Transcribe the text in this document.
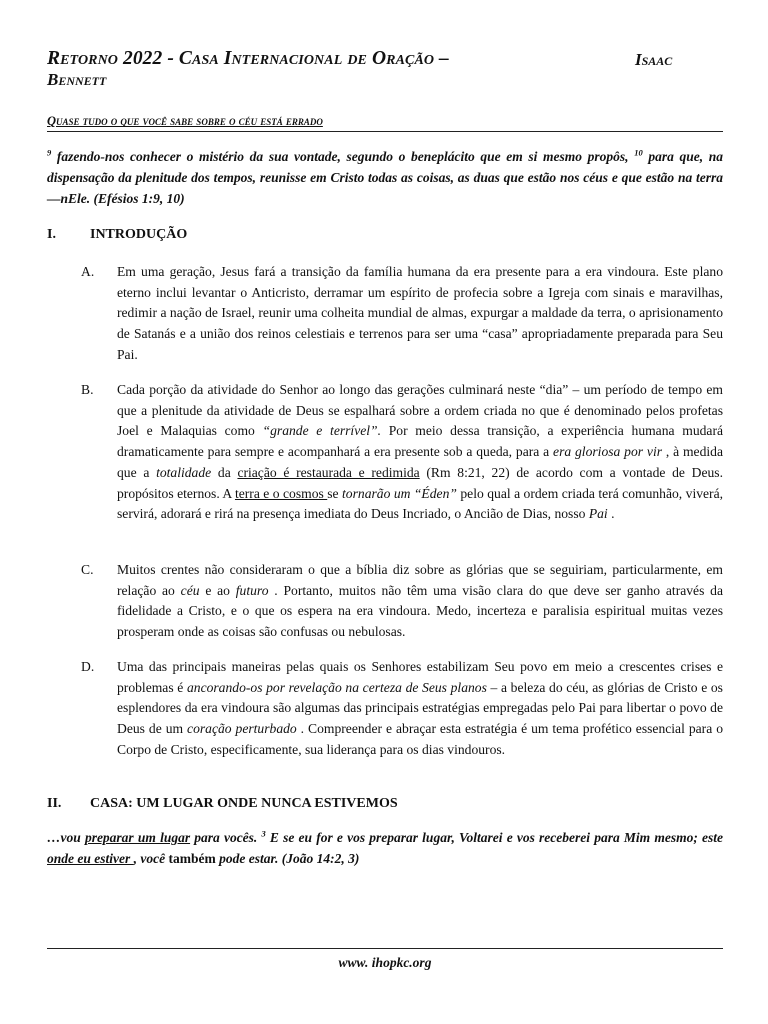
Retorno 2022 - Casa Internacional de Oração –	Isaac
Bennett
Quase tudo o que você sabe sobre o céu está errado
$^9$ fazendo-nos conhecer o mistério da sua vontade, segundo o beneplácito que em si mesmo propôs, $^{10}$ para que, na dispensação da plenitude dos tempos, reunisse em Cristo todas as coisas, as duas que estão nos céus e que estão na terra—nEle. (Efésios 1:9, 10)
I. INTRODUÇÃO
A. Em uma geração, Jesus fará a transição da família humana da era presente para a era vindoura. Este plano eterno inclui levantar o Anticristo, derramar um espírito de profecia sobre a Igreja com sinais e maravilhas, redimir a nação de Israel, reunir uma colheita mundial de almas, expurgar a maldade da terra, o aprisionamento de Satanás e a união dos reinos celestiais e terrenos para ser uma “casa” apropriadamente preparada para Seu Pai.
B. Cada porção da atividade do Senhor ao longo das gerações culminará neste “dia” – um período de tempo em que a plenitude da atividade de Deus se espalhará sobre a ordem criada no que é denominado pelos profetas Joel e Malaquias como “grande e terrível”. Por meio dessa transição, a experiência humana mudará dramaticamente para sempre e acompanhará a era presente sob a queda, para a era gloriosa por vir , à medida que a totalidade da criação é restaurada e redimida (Rm 8:21, 22) de acordo com a vontade de Deus. propósitos eternos. A terra e o cosmos se tornarão um “Éden” pelo qual a ordem criada terá comunhão, viverá, servirá, adorará e rirá na presença imediata do Deus Incriado, o Ancião de Dias, nosso Pai .
C. Muitos crentes não consideraram o que a bíblia diz sobre as glórias que se seguiriam, particularmente, em relação ao céu e ao futuro . Portanto, muitos não têm uma visão clara do que deve ser ganho através da fidelidade a Cristo, e o que os espera na era vindoura. Medo, incerteza e paralisia espiritual muitas vezes prosperam onde as coisas são confusas ou nebulosas.
D. Uma das principais maneiras pelas quais os Senhores estabilizam Seu povo em meio a crescentes crises e problemas é ancorando-os por revelação na certeza de Seus planos – a beleza do céu, as glórias de Cristo e os esplendores da era vindoura são algumas das principais estratégias empregadas pelo Pai para libertar o povo de Deus de um coração perturbado . Compreender e abraçar esta estratégia é um tema profético essencial para o Corpo de Cristo, especificamente, sua liderança para os dias vindouros.
II. CASA: UM LUGAR ONDE NUNCA ESTIVEMOS
…vou preparar um lugar para vocês. $^3$ E se eu for e vos preparar lugar, Voltarei e vos receberei para Mim mesmo; este onde eu estiver , você também pode estar. (João 14:2, 3)
www. ihopkc.org
